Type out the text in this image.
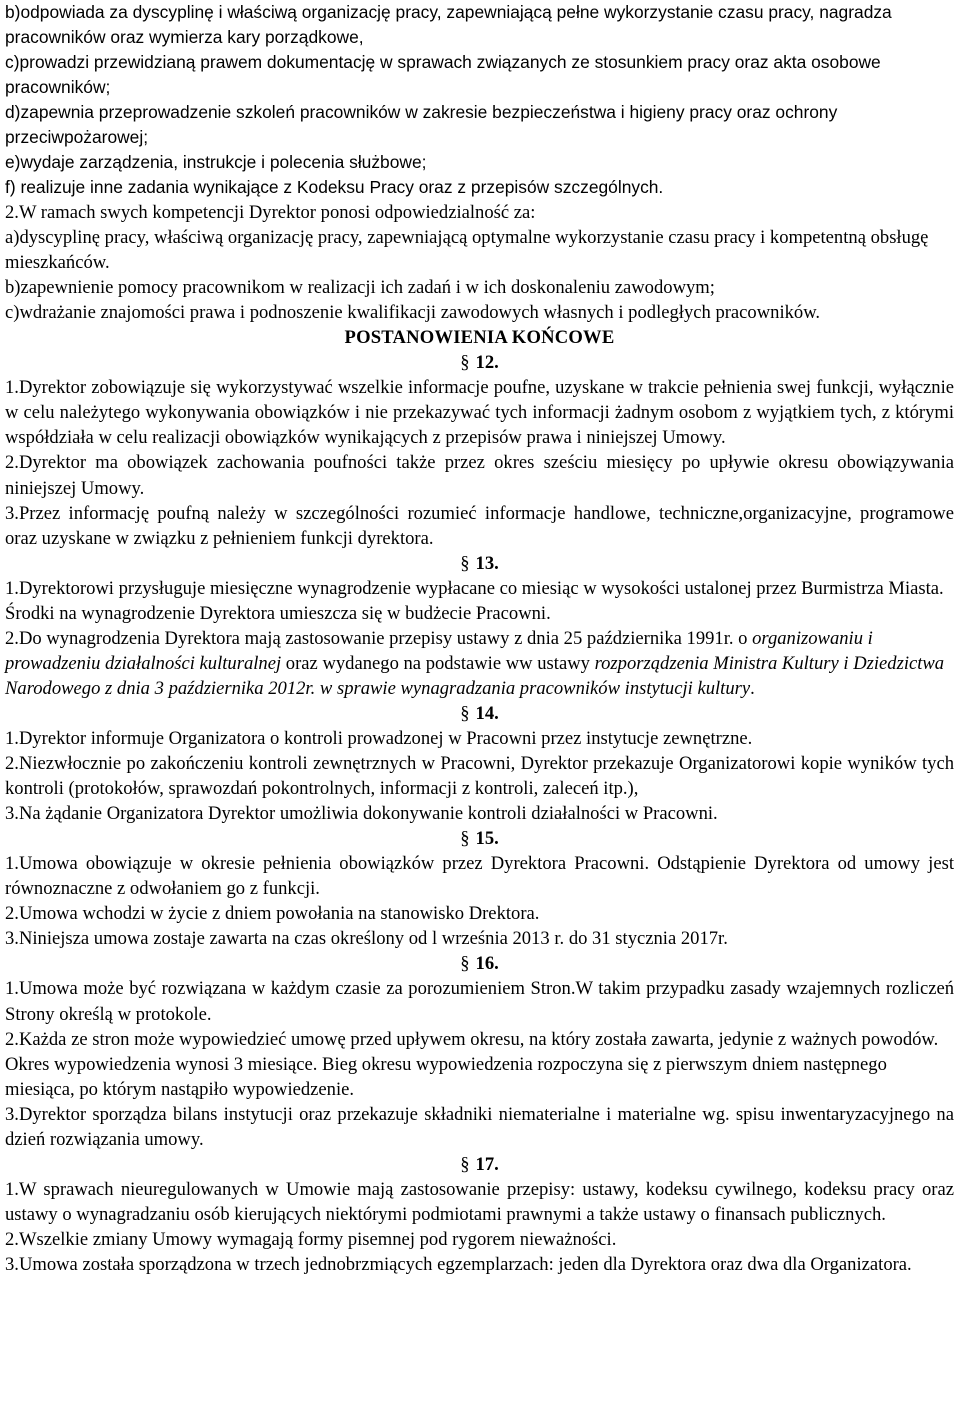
b)odpowiada za dyscyplinę i właściwą organizację pracy, zapewniającą pełne wykorzystanie czasu pracy, nagradza pracowników oraz wymierza kary porządkowe,

c)prowadzi przewidzianą prawem dokumentację w sprawach związanych ze stosunkiem pracy oraz akta osobowe pracowników;

d)zapewnia przeprowadzenie szkoleń pracowników w zakresie bezpieczeństwa i higieny pracy oraz ochrony przeciwpożarowej;

e)wydaje zarządzenia, instrukcje i polecenia służbowe;

f) realizuje inne zadania wynikające z Kodeksu Pracy oraz z przepisów szczególnych.

2.W ramach swych kompetencji Dyrektor ponosi odpowiedzialność za:

a)dyscyplinę pracy, właściwą organizację pracy, zapewniającą optymalne wykorzystanie czasu pracy i kompetentną obsługę mieszkańców.

b)zapewnienie pomocy pracownikom w realizacji ich zadań i w ich doskonaleniu zawodowym;

c)wdrażanie znajomości prawa i podnoszenie kwalifikacji zawodowych własnych i podległych pracowników.

POSTANOWIENIA KOŃCOWE

§ 12.

1.Dyrektor zobowiązuje się wykorzystywać wszelkie informacje poufne, uzyskane w trakcie pełnienia swej funkcji, wyłącznie w celu należytego wykonywania obowiązków i nie przekazywać tych informacji żadnym osobom z wyjątkiem tych, z którymi współdziała w celu realizacji obowiązków wynikających z przepisów prawa i niniejszej Umowy.

2.Dyrektor ma obowiązek zachowania poufności także przez okres sześciu miesięcy po upływie okresu obowiązywania niniejszej Umowy.

3.Przez informację poufną należy w szczególności rozumieć informacje handlowe, techniczne,organizacyjne, programowe oraz uzyskane w związku z pełnieniem funkcji dyrektora.

§ 13.

1.Dyrektorowi przysługuje miesięczne wynagrodzenie wypłacane co miesiąc w wysokości ustalonej przez Burmistrza Miasta. Środki na wynagrodzenie Dyrektora umieszcza się w budżecie Pracowni.

2.Do wynagrodzenia Dyrektora mają zastosowanie przepisy ustawy z dnia 25 października 1991r. o organizowaniu i prowadzeniu działalności kulturalnej oraz wydanego na podstawie ww ustawy rozporządzenia Ministra Kultury i Dziedzictwa Narodowego z dnia 3 października 2012r. w sprawie wynagradzania pracowników instytucji kultury.

§ 14.

1.Dyrektor informuje Organizatora o kontroli prowadzonej w Pracowni przez instytucje zewnętrzne.

2.Niezwłocznie po zakończeniu kontroli zewnętrznych w Pracowni, Dyrektor przekazuje Organizatorowi kopie wyników tych kontroli (protokołów, sprawozdań pokontrolnych, informacji z kontroli, zaleceń itp.),

3.Na żądanie Organizatora Dyrektor umożliwia dokonywanie kontroli działalności w Pracowni.

§ 15.

1.Umowa obowiązuje w okresie pełnienia obowiązków przez Dyrektora Pracowni. Odstąpienie Dyrektora od umowy jest równoznaczne z odwołaniem go z funkcji.

2.Umowa wchodzi w życie z dniem powołania na stanowisko Drektora.

3.Niniejsza umowa zostaje zawarta na czas określony od l września 2013 r. do 31 stycznia 2017r.

§ 16.

1.Umowa może być rozwiązana w każdym czasie za porozumieniem Stron.W takim przypadku zasady wzajemnych rozliczeń Strony określą w protokole.

2.Każda ze stron może wypowiedzieć umowę przed upływem okresu, na który została zawarta, jedynie z ważnych powodów. Okres wypowiedzenia wynosi 3 miesiące. Bieg okresu wypowiedzenia rozpoczyna się z pierwszym dniem następnego miesiąca, po którym nastąpiło wypowiedzenie.

3.Dyrektor sporządza bilans instytucji oraz przekazuje składniki niematerialne i materialne wg. spisu inwentaryzacyjnego na dzień rozwiązania umowy.

§ 17.

1.W sprawach nieuregulowanych w Umowie mają zastosowanie przepisy: ustawy, kodeksu cywilnego, kodeksu pracy oraz ustawy o wynagradzaniu osób kierujących niektórymi podmiotami prawnymi a także ustawy o finansach publicznych.

2.Wszelkie zmiany Umowy wymagają formy pisemnej pod rygorem nieważności.

3.Umowa została sporządzona w trzech jednobrzmiących egzemplarzach: jeden dla Dyrektora oraz dwa dla Organizatora.
